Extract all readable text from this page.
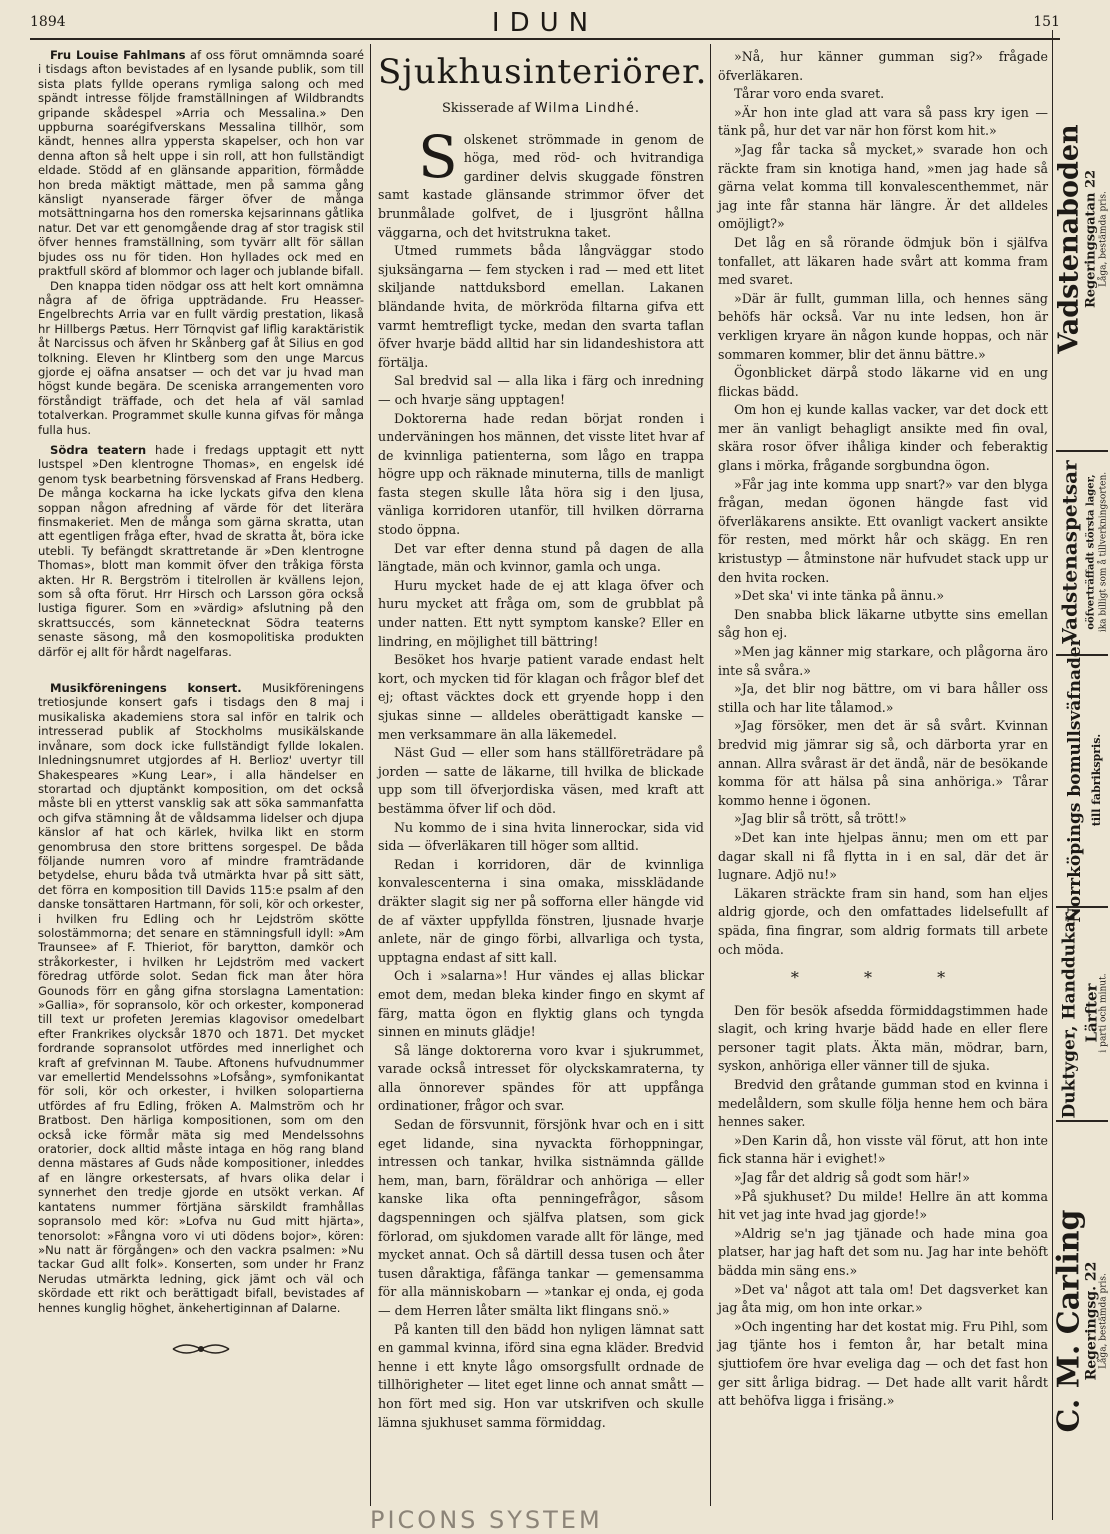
1894	IDUN	151

Fru Louise Fahlmans af oss förut omnämnda soaré i tisdags afton bevistades af en lysande publik, som till sista plats fyllde operans rymliga salong och med spändt intresse följde framställningen af Wildbrandts gripande skådespel »Arria och Messalina.» Den uppburna soarégifverskans Messalina tillhör, som kändt, hennes allra yppersta skapelser, och hon var denna afton så helt uppe i sin roll, att hon fullständigt eldade. Stödd af en glänsande apparition, förmådde hon breda mäktigt mättade, men på samma gång känsligt nyanserade färger öfver de många motsättningarna hos den romerska kejsarinnans gåtlika natur. Det var ett genomgående drag af stor tragisk stil öfver hennes framställning, som tyvärr allt för sällan bjudes oss nu för tiden. Hon hyllades ock med en praktfull skörd af blommor och lager och jublande bifall.

Den knappa tiden nödgar oss att helt kort omnämna några af de öfriga uppträdande. Fru Heasser-Engelbrechts Arria var en fullt värdig prestation, likaså hr Hillbergs Pætus. Herr Törnqvist gaf liflig karaktäristik åt Narcissus och äfven hr Skånberg gaf åt Silius en god tolkning. Eleven hr Klintberg som den unge Marcus gjorde ej oäfna ansatser — och det var ju hvad man högst kunde begära. De sceniska arrangementen voro förståndigt träffade, och det hela af väl samlad totalverkan. Programmet skulle kunna gifvas för många fulla hus.

Södra teatern hade i fredags upptagit ett nytt lustspel »Den klentrogne Thomas», en engelsk idé genom tysk bearbetning försvenskad af Frans Hedberg. De många kockarna ha icke lyckats gifva den klena soppan någon afredning af värde för det literära finsmakeriet. Men de många som gärna skratta, utan att egentligen fråga efter, hvad de skratta åt, böra icke utebli. Ty befängdt skrattretande är »Den klentrogne Thomas», blott man kommit öfver den tråkiga första akten. Hr R. Bergström i titelrollen är kvällens lejon, som så ofta förut. Hrr Hirsch och Larsson göra också lustiga figurer. Som en »värdig» afslutning på den skrattsuccés, som kännetecknat Södra teaterns senaste säsong, må den kosmopolitiska produkten därför ej allt för hårdt nagelfaras.

Musikföreningens konsert. Musikföreningens tretiosjunde konsert gafs i tisdags den 8 maj i musikaliska akademiens stora sal inför en talrik och intresserad publik af Stockholms musikälskande invånare, som dock icke fullständigt fyllde lokalen. Inledningsnumret utgjordes af H. Berlioz' uvertyr till Shakespeares »Kung Lear», i alla händelser en storartad och djuptänkt komposition, om det också måste bli en ytterst vansklig sak att söka sammanfatta och gifva stämning åt de våldsamma lidelser och djupa känslor af hat och kärlek, hvilka likt en storm genombrusa den store brittens sorgespel. De båda följande numren voro af mindre framträdande betydelse, ehuru båda två utmärkta hvar på sitt sätt, det förra en komposition till Davids 115:e psalm af den danske tonsättaren Hartmann, för soli, kör och orkester, i hvilken fru Edling och hr Lejdström skötte solostämmorna; det senare en stämningsfull idyll: »Am Traunsee» af F. Thieriot, för barytton, damkör och stråkorkester, i hvilken hr Lejdström med vackert föredrag utförde solot. Sedan fick man åter höra Gounods förr en gång gifna storslagna Lamentation: »Gallia», för sopransolo, kör och orkester, komponerad till text ur profeten Jeremias klagovisor omedelbart efter Frankrikes olycksår 1870 och 1871. Det mycket fordrande sopransolot utfördes med innerlighet och kraft af grefvinnan M. Taube. Aftonens hufvudnummer var emellertid Mendelssohns »Lofsång», symfonikantat för soli, kör och orkester, i hvilken solopartierna utfördes af fru Edling, fröken A. Malmström och hr Bratbost. Den härliga kompositionen, som om den också icke förmår mäta sig med Mendelssohns oratorier, dock alltid måste intaga en hög rang bland denna mästares af Guds nåde kompositioner, inleddes af en längre orkestersats, af hvars olika delar i synnerhet den tredje gjorde en utsökt verkan. Af kantatens nummer förtjäna särskildt framhållas sopransolo med kör: »Lofva nu Gud mitt hjärta», tenorsolot: »Fångna voro vi uti dödens bojor», kören: »Nu natt är förgången» och den vackra psalmen: »Nu tackar Gud allt folk». Konserten, som under hr Franz Nerudas utmärkta ledning, gick jämt och väl och skördade ett rikt och berättigadt bifall, bevistades af hennes kunglig höghet, änkehertiginnan af Dalarne.

Sjukhusinteriörer.
Skisserade af Wilma Lindhé.

Solskenet strömmade in genom de höga, med röd- och hvitrandiga gardiner delvis skuggade fönstren samt kastade glänsande strimmor öfver det brunmålade golfvet, de i ljusgrönt hållna väggarna, och det hvitstrukna taket.

Utmed rummets båda långväggar stodo sjuksängarna — fem stycken i rad — med ett litet skiljande nattduksbord emellan. Lakanen bländande hvita, de mörkröda filtarna gifva ett varmt hemtrefligt tycke, medan den svarta taflan öfver hvarje bädd alltid har sin lidandeshistora att förtälja.

Sal bredvid sal — alla lika i färg och inredning — och hvarje säng upptagen!

Doktorerna hade redan börjat ronden i underväningen hos männen, det visste litet hvar af de kvinnliga patienterna, som lågo en trappa högre upp och räknade minuterna, tills de manligt fasta stegen skulle låta höra sig i den ljusa, vänliga korridoren utanför, till hvilken dörrarna stodo öppna.

Det var efter denna stund på dagen de alla längtade, män och kvinnor, gamla och unga.

Huru mycket hade de ej att klaga öfver och huru mycket att fråga om, som de grubblat på under natten. Ett nytt symptom kanske? Eller en lindring, en möjlighet till bättring!

Besöket hos hvarje patient varade endast helt kort, och mycken tid för klagan och frågor blef det ej; oftast väcktes dock ett gryende hopp i den sjukas sinne — alldeles oberättigadt kanske — men verksammare än alla läkemedel.

Näst Gud — eller som hans ställföreträdare på jorden — satte de läkarne, till hvilka de blickade upp som till öfverjordiska väsen, med kraft att bestämma öfver lif och död.

Nu kommo de i sina hvita linnerockar, sida vid sida — öfverläkaren till höger som alltid.

Redan i korridoren, där de kvinnliga konvalescenterna i sina omaka, missklädande dräkter slagit sig ner på sofforna eller hängde vid de af växter uppfyllda fönstren, ljusnade hvarje anlete, när de gingo förbi, allvarliga och tysta, upptagna endast af sitt kall.

Och i »salarna»! Hur vändes ej allas blickar emot dem, medan bleka kinder fingo en skymt af färg, matta ögon en flyktig glans och tyngda sinnen en minuts glädje!

Så länge doktorerna voro kvar i sjukrummet, varade också intresset för olyckskamraterna, ty alla önnorever spändes för att uppfånga ordinationer, frågor och svar.

Sedan de försvunnit, försjönk hvar och en i sitt eget lidande, sina nyvackta förhoppningar, intressen och tankar, hvilka sistnämnda gällde hem, man, barn, föräldrar och anhöriga — eller kanske lika ofta penningefrågor, såsom dagspenningen och själfva platsen, som gick förlorad, om sjukdomen varade allt för länge, med mycket annat. Och så därtill dessa tusen och åter tusen dåraktiga, fåfänga tankar — gemensamma för alla människobarn — »tankar ej onda, ej goda — dem Herren låter smälta likt flingans snö.»

På kanten till den bädd hon nyligen lämnat satt en gammal kvinna, iförd sina egna kläder. Bredvid henne i ett knyte lågo omsorgsfullt ordnade de tillhörigheter — litet eget linne och annat smått — hon fört med sig. Hon var utskrifven och skulle lämna sjukhuset samma förmiddag.

»Nå, hur känner gumman sig?» frågade öfverläkaren.

Tårar voro enda svaret.

»Är hon inte glad att vara så pass kry igen — tänk på, hur det var när hon först kom hit.»

»Jag får tacka så mycket,» svarade hon och räckte fram sin knotiga hand, »men jag hade så gärna velat komma till konvalescenthemmet, när jag inte får stanna här längre. Är det alldeles omöjligt?»

Det låg en så rörande ödmjuk bön i själfva tonfallet, att läkaren hade svårt att komma fram med svaret.

»Där är fullt, gumman lilla, och hennes säng behöfs här också. Var nu inte ledsen, hon är verkligen kryare än någon kunde hoppas, och när sommaren kommer, blir det ännu bättre.»

Ögonblicket därpå stodo läkarne vid en ung flickas bädd.

Om hon ej kunde kallas vacker, var det dock ett mer än vanligt behagligt ansikte med fin oval, skära rosor öfver ihåliga kinder och feberaktig glans i mörka, frågande sorgbundna ögon.

»Får jag inte komma upp snart?» var den blyga frågan, medan ögonen hängde fast vid öfverläkarens ansikte. Ett ovanligt vackert ansikte för resten, med mörkt hår och skägg. En ren kristustyp — åtminstone när hufvudet stack upp ur den hvita rocken.

»Det ska' vi inte tänka på ännu.»

Den snabba blick läkarne utbytte sins emellan såg hon ej.

»Men jag känner mig starkare, och plågorna äro inte så svåra.»

»Ja, det blir nog bättre, om vi bara håller oss stilla och har lite tålamod.»

»Jag försöker, men det är så svårt. Kvinnan bredvid mig jämrar sig så, och därborta yrar en annan. Allra svårast är det ändå, när de besökande komma för att hälsa på sina anhöriga.» Tårar kommo henne i ögonen.

»Jag blir så trött, så trött!»

»Det kan inte hjelpas ännu; men om ett par dagar skall ni få flytta in i en sal, där det är lugnare. Adjö nu!»

Läkaren sträckte fram sin hand, som han eljes aldrig gjorde, och den omfattades lidelsefullt af späda, fina fingrar, som aldrig formats till arbete och möda.

* * *

Den för besök afsedda förmiddagstimmen hade slagit, och kring hvarje bädd hade en eller flere personer tagit plats. Äkta män, mödrar, barn, syskon, anhöriga eller vänner till de sjuka.

Bredvid den gråtande gumman stod en kvinna i medelåldern, som skulle följa henne hem och bära hennes saker.

»Den Karin då, hon visste väl förut, att hon inte fick stanna här i evighet!»

»Jag får det aldrig så godt som här!»

»På sjukhuset? Du milde! Hellre än att komma hit vet jag inte hvad jag gjorde!»

»Aldrig se'n jag tjänade och hade mina goa platser, har jag haft det som nu. Jag har inte behöft bädda min säng ens.»

»Det va' något att tala om! Det dagsverket kan jag åta mig, om hon inte orkar.»

»Och ingenting har det kostat mig. Fru Pihl, som jag tjänte hos i femton år, har betalt mina sjuttiofem öre hvar eveliga dag — och det fast hon ger sitt årliga bidrag. — Det hade allt varit hårdt att behöfva ligga i frisäng.»

Vadstenaboden Regeringsgatan 22 Låga, bestämda pris.
Vadstenaspetsar oöfverträffadt största lager, ika billigt som å tillverkningsorten.
Norrköpings bomullsväfnader till fabrikspris.
Duktyger, Handdukar, Lärfter
i parti och minut.
C. M. Carling
Regeringsg. 22 Låga, bestämda pris.
PICONS SYSTEM
